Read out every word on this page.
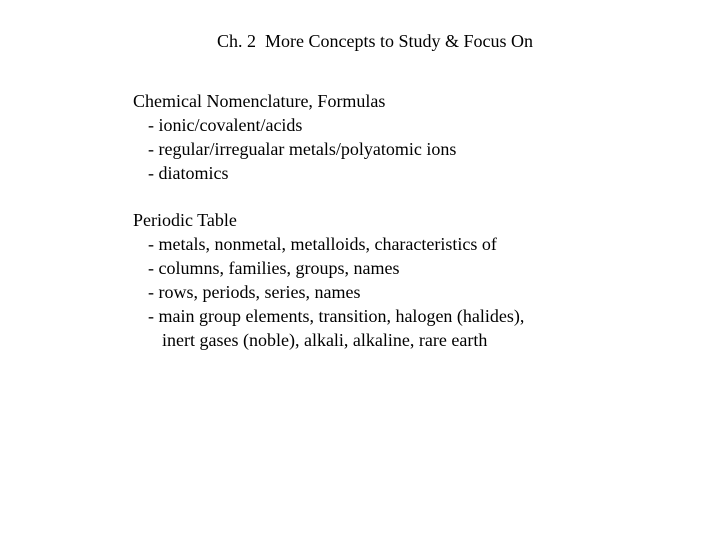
Ch. 2  More Concepts to Study & Focus On

Chemical Nomenclature, Formulas

- ionic/covalent/acids

- regular/irregualar metals/polyatomic ions

- diatomics

Periodic Table

- metals, nonmetal, metalloids, characteristics of

- columns, families, groups, names

- rows, periods, series, names

- main group elements, transition, halogen (halides),

inert gases (noble), alkali, alkaline, rare earth
